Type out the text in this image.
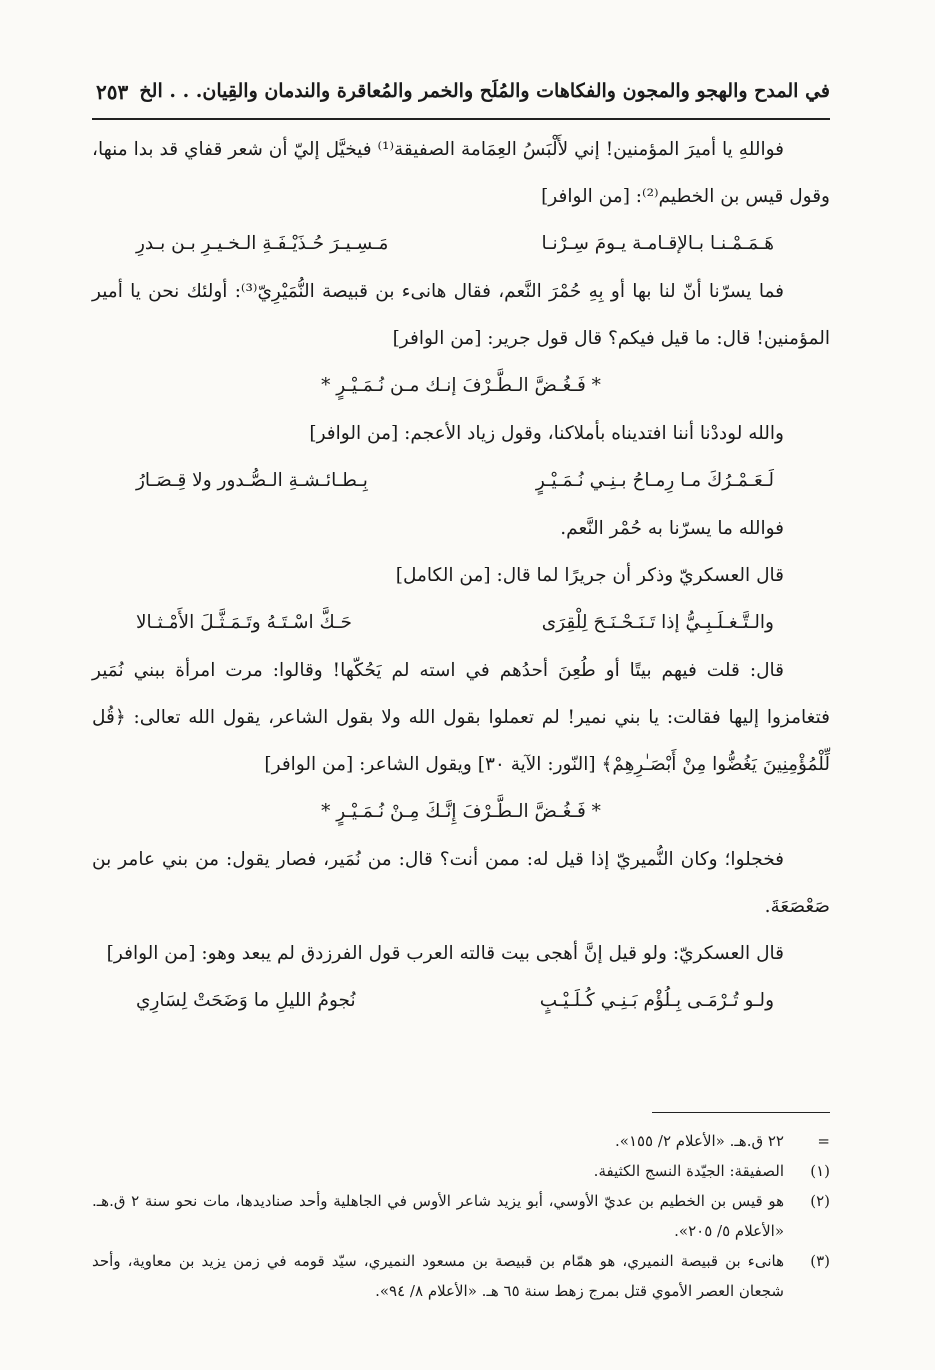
في المدح والهجو والمجون والفكاهات والمُلَح والخمر والمُعاقرة والندمان والقِيان. . . الخ
٢٥٣

فواللهِ يا أميرَ المؤمنين! إني لأَلْبَسُ العِمَامة الصفيقة⁽¹⁾ فيخيَّل إليّ أن شعر قفاي قد بدا منها، وقول قيس بن الخطيم⁽²⁾: [من الوافر]

هَـمَـمْـنـا بـالإقـامـة يـومَ سِـرْنـا
مَـسِـيـرَ حُـذَيْـفَـةِ الـخـيـرِ بـن بـدرِ

فما يسرّنا أنّ لنا بها أو بِهِ حُمْرَ النَّعم، فقال هانىء بن قبيصة النُّمَيْرِيّ⁽³⁾: أولئك نحن يا أمير المؤمنين! قال: ما قيل فيكم؟ قال قول جرير: [من الوافر]

* فَـغُـضَّ الـطَّـرْفَ إنـك مـن نُـمَـيْـرٍ *

والله لوددْنا أننا افتديناه بأملاكنا، وقول زياد الأعجم: [من الوافر]

لَـعَـمْـرُكَ مـا رِمـاحُ بـنِـي نُـمَـيْـرٍ
بِـطـائـشـةِ الـصُّـدور ولا قِـصَـارُ

فوالله ما يسرّنا به حُمْر النَّعم.

قال العسكريّ وذكر أن جريرًا لما قال: [من الكامل]

والـتَّـغـلَـبِـيُّ إذا تَـنَـحْـنَـحَ لِلْقِرَى
حَـكَّ اسْـتَـهُ وتَـمَـثَّـلَ الأَمْـثـالا

قال: قلت فيهم بيتًا أو طُعِنَ أحدُهم في استه لم يَحُكّها! وقالوا: مرت امرأة ببني نُمَير فتغامزوا إليها فقالت: يا بني نمير! لم تعملوا بقول الله ولا بقول الشاعر، يقول الله تعالى: ﴿قُل لِّلْمُؤْمِنِينَ يَغُضُّوا مِنْ أَبْصَـٰرِهِمْ﴾ [النّور: الآية ٣٠] ويقول الشاعر: [من الوافر]

* فَـغُـضَّ الـطَّـرْفَ إِنَّـكَ مِـنْ نُـمَـيْـرٍ *

فخجلوا؛ وكان النُّميريّ إذا قيل له: ممن أنت؟ قال: من نُمَير، فصار يقول: من بني عامر بن صَعْصَعَةَ.

قال العسكريّ: ولو قيل إنَّ أهجى بيت قالته العرب قول الفرزدق لم يبعد وهو: [من الوافر]

ولـو تُـرْمَـى بِـلُؤْم بَـنِـي كُـلَـيْـبٍ
نُجومُ الليلِ ما وَضَحَتْ لِسَارِي
=
٢٢ ق.هـ. «الأعلام ٢/ ١٥٥».
(١)
الصفيقة: الجيّدة النسج الكثيفة.
(٢)
هو قيس بن الخطيم بن عديّ الأوسي، أبو يزيد شاعر الأوس في الجاهلية وأحد صناديدها، مات نحو سنة ٢ ق.هـ. «الأعلام ٥/ ٢٠٥».
(٣)
هانىء بن قبيصة النميري، هو همّام بن قبيصة بن مسعود النميري، سيّد قومه في زمن يزيد بن معاوية، وأحد شجعان العصر الأموي قتل بمرج زهط سنة ٦٥ هـ. «الأعلام ٨/ ٩٤».
